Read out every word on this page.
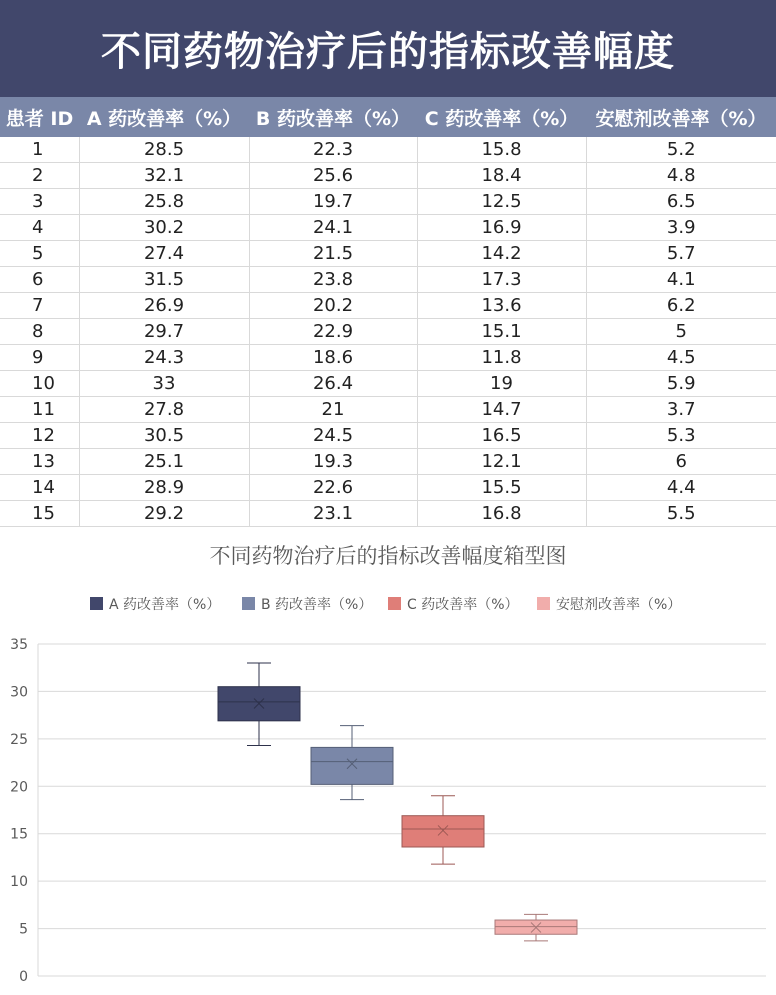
不同药物治疗后的指标改善幅度
患者 ID	A 药改善率（%）	B 药改善率（%）	C 药改善率（%）	安慰剂改善率（%）
1	28.5	22.3	15.8	5.2
2	32.1	25.6	18.4	4.8
3	25.8	19.7	12.5	6.5
4	30.2	24.1	16.9	3.9
5	27.4	21.5	14.2	5.7
6	31.5	23.8	17.3	4.1
7	26.9	20.2	13.6	6.2
8	29.7	22.9	15.1	5
9	24.3	18.6	11.8	4.5
10	33	26.4	19	5.9
11	27.8	21	14.7	3.7
12	30.5	24.5	16.5	5.3
13	25.1	19.3	12.1	6
14	28.9	22.6	15.5	4.4
15	29.2	23.1	16.8	5.5
不同药物治疗后的指标改善幅度箱型图
A 药改善率（%）	B 药改善率（%） C 药改善率（%）	安慰剂改善率（%）
0
5
10
15
20
25
30
35
